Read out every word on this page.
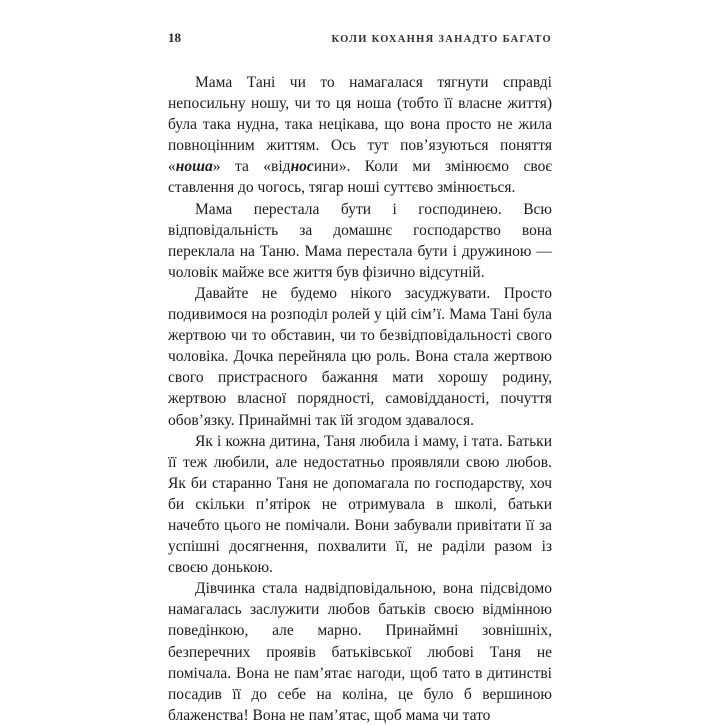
18	КОЛИ КОХАННЯ ЗАНАДТО БАГАТО

Мама Тані чи то намагалася тягнути справді непосильну ношу, чи то ця ноша (тобто її власне життя) була така нудна, така нецікава, що вона просто не жила повноцінним життям. Ось тут пов’язуються поняття «ноша» та «відносини». Коли ми змінюємо своє ставлення до чогось, тягар ноші суттєво змінюється.

Мама перестала бути і господинею. Всю відповідальність за домашнє господарство вона переклала на Таню. Мама перестала бути і дружиною — чоловік майже все життя був фізично відсутній.

Давайте не будемо нікого засуджувати. Просто подивимося на розподіл ролей у цій сім’ї. Мама Тані була жертвою чи то обставин, чи то безвідповідальності свого чоловіка. Дочка перейняла цю роль. Вона стала жертвою свого пристрасного бажання мати хорошу родину, жертвою власної порядності, самовідданості, почуття обов’язку. Принаймні так їй згодом здавалося.

Як і кожна дитина, Таня любила і маму, і тата. Батьки її теж любили, але недостатньо проявляли свою любов. Як би старанно Таня не допомагала по господарству, хоч би скільки п’ятірок не отримувала в школі, батьки начебто цього не помічали. Вони забували привітати її за успішні досягнення, похвалити її, не раділи разом із своєю донькою.

Дівчинка стала надвідповідальною, вона підсвідомо намагалась заслужити любов батьків своєю відмінною поведінкою, але марно. Принаймні зовнішніх, безперечних проявів батьківської любові Таня не помічала. Вона не пам’ятає нагоди, щоб тато в дитинстві посадив її до себе на коліна, це було б вершиною блаженства! Вона не пам’ятає, щоб мама чи тато
